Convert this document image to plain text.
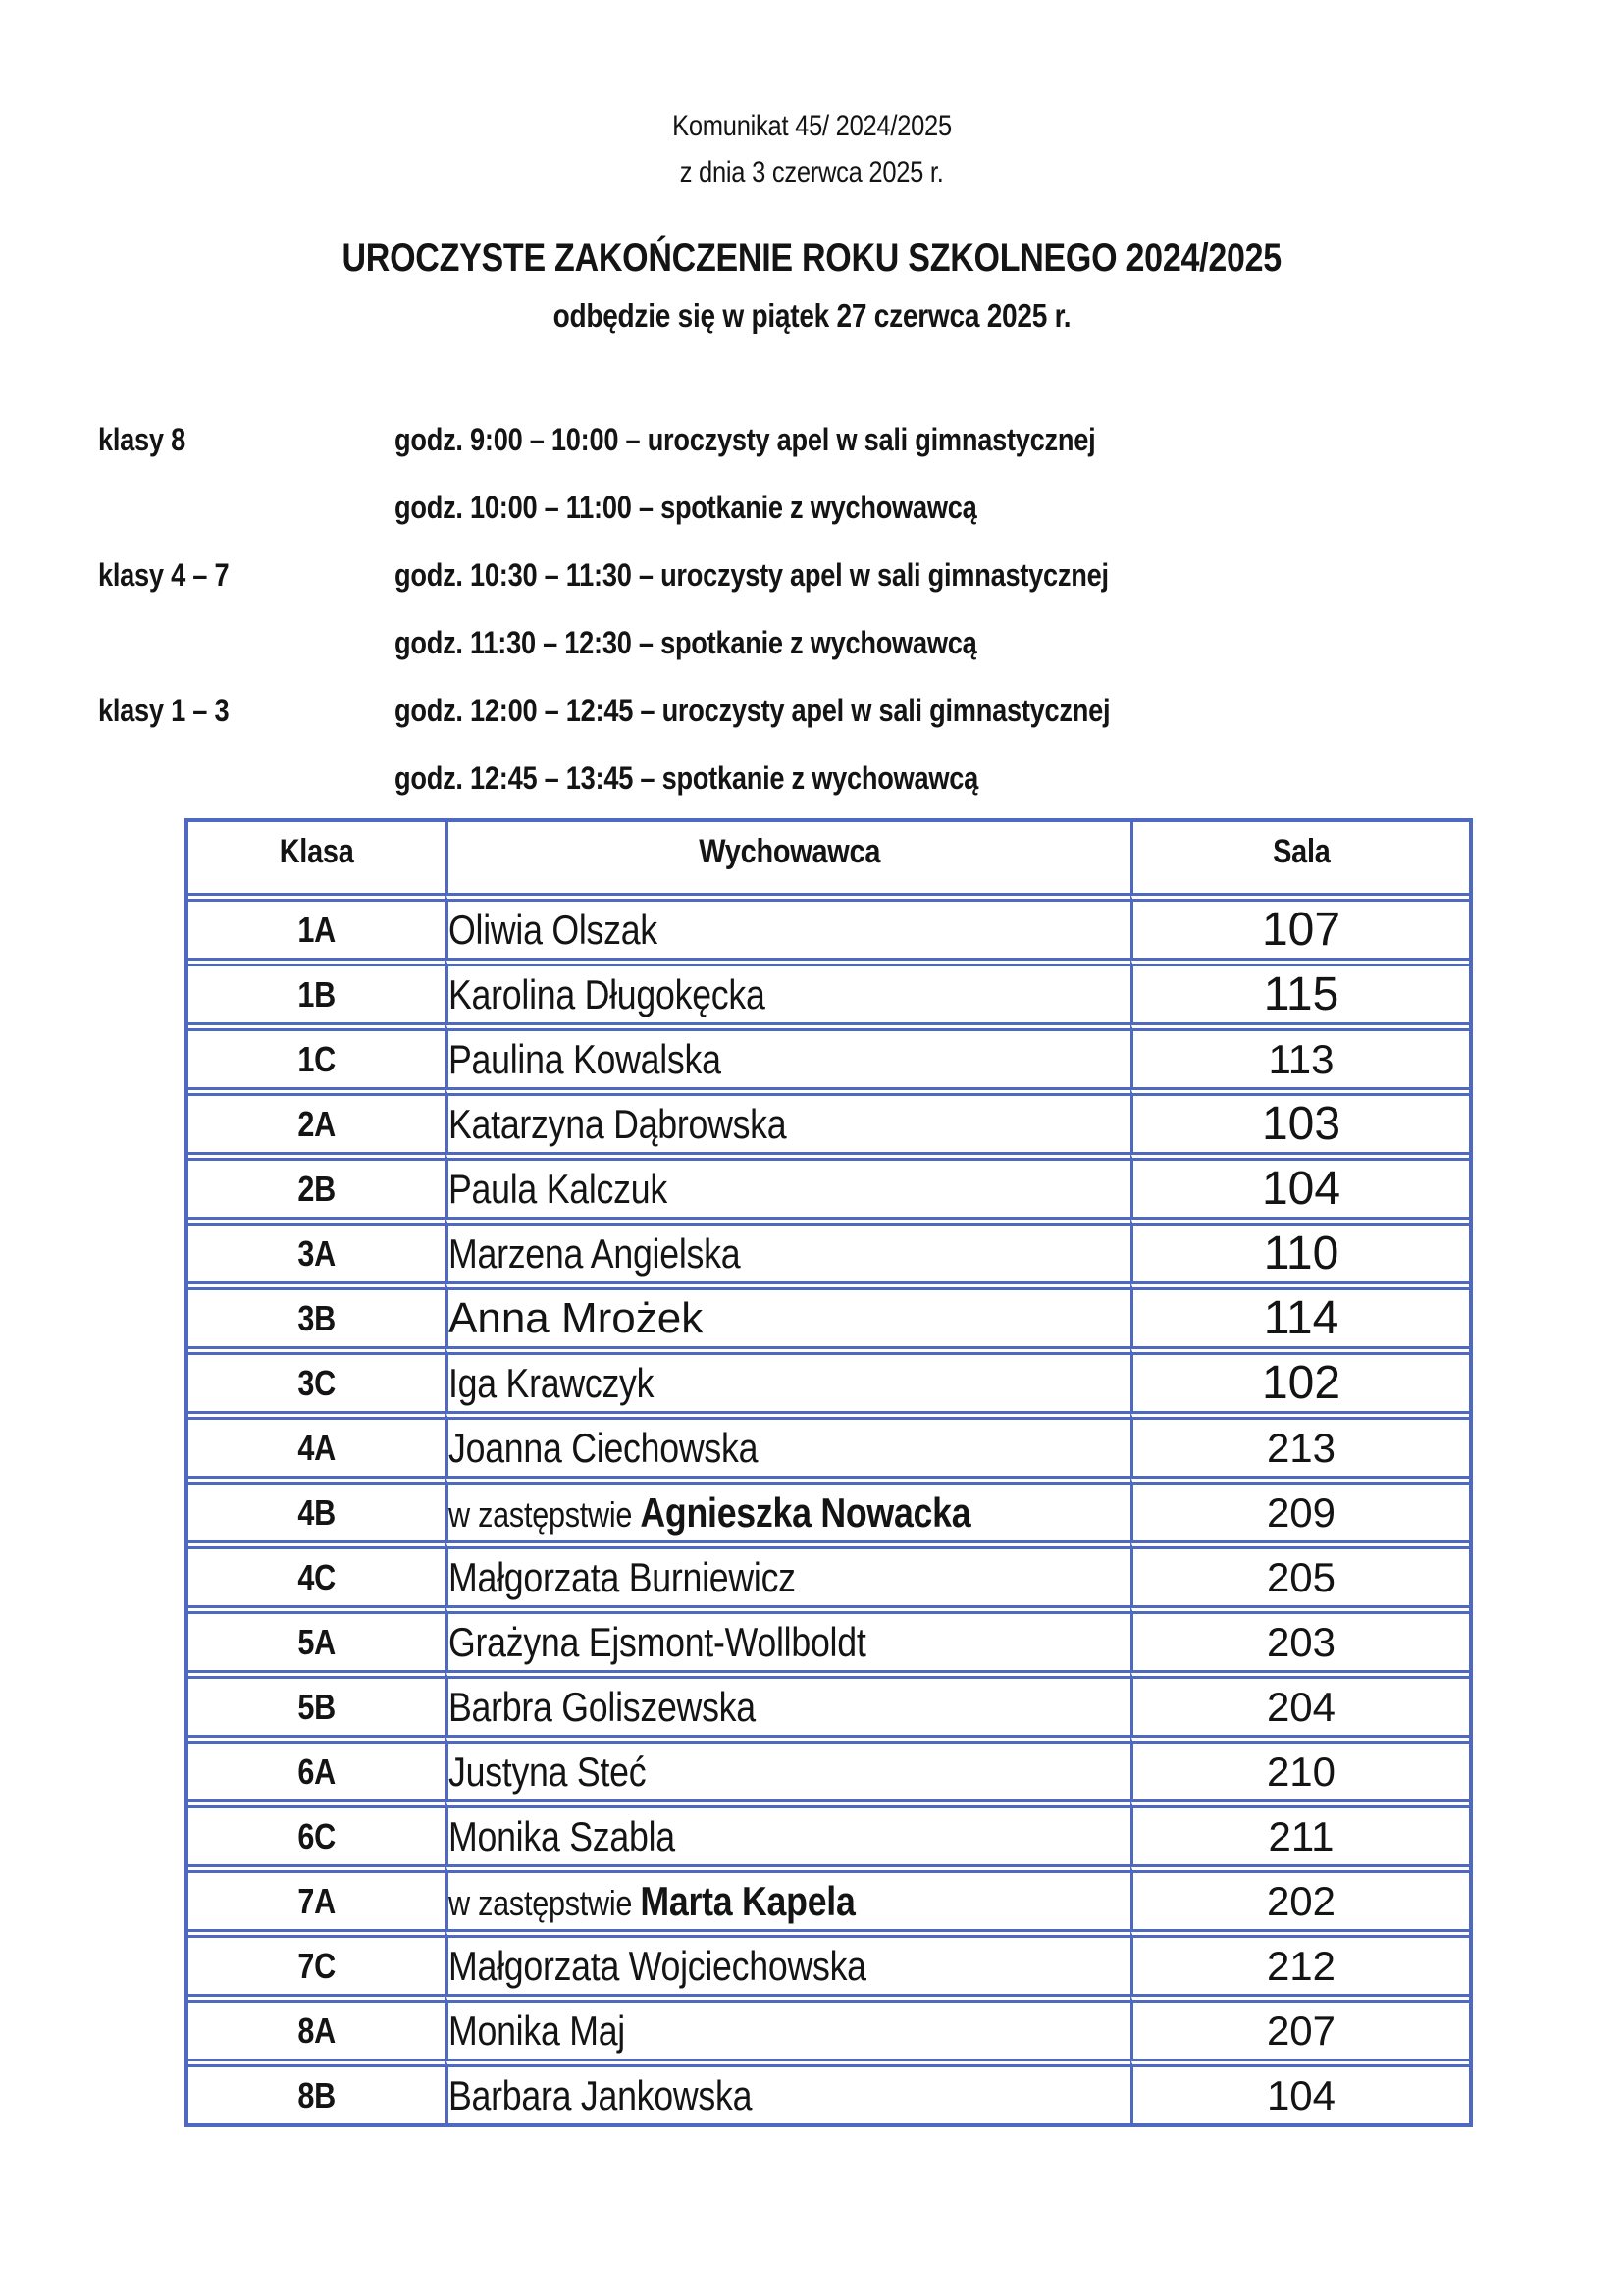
Komunikat 45/ 2024/2025
z dnia 3 czerwca 2025 r.
UROCZYSTE ZAKOŃCZENIE ROKU SZKOLNEGO 2024/2025
odbędzie się w piątek 27 czerwca 2025 r.
klasy 8	godz. 9:00 – 10:00 – uroczysty apel w sali gimnastycznej
godz. 10:00 – 11:00 – spotkanie z wychowawcą
klasy 4 – 7	godz. 10:30 – 11:30 – uroczysty apel w sali gimnastycznej
godz. 11:30 – 12:30 – spotkanie z wychowawcą
klasy 1 – 3	godz. 12:00 – 12:45 – uroczysty apel w sali gimnastycznej
godz. 12:45 – 13:45 – spotkanie z wychowawcą
Klasa	Wychowawca	Sala
1A	Oliwia Olszak	107
1B	Karolina Długokęcka	115
1C	Paulina Kowalska	113
2A	Katarzyna Dąbrowska	103
2B	Paula Kalczuk	104
3A	Marzena Angielska	110
3B	Anna Mrożek	114
3C	Iga Krawczyk	102
4A	Joanna Ciechowska	213
4B	w zastępstwie Agnieszka Nowacka	209
4C	Małgorzata Burniewicz	205
5A	Grażyna Ejsmont-Wollboldt	203
5B	Barbra Goliszewska	204
6A	Justyna Steć	210
6C	Monika Szabla	211
7A	w zastępstwie Marta Kapela	202
7C	Małgorzata Wojciechowska	212
8A	Monika Maj	207
8B	Barbara Jankowska	104
